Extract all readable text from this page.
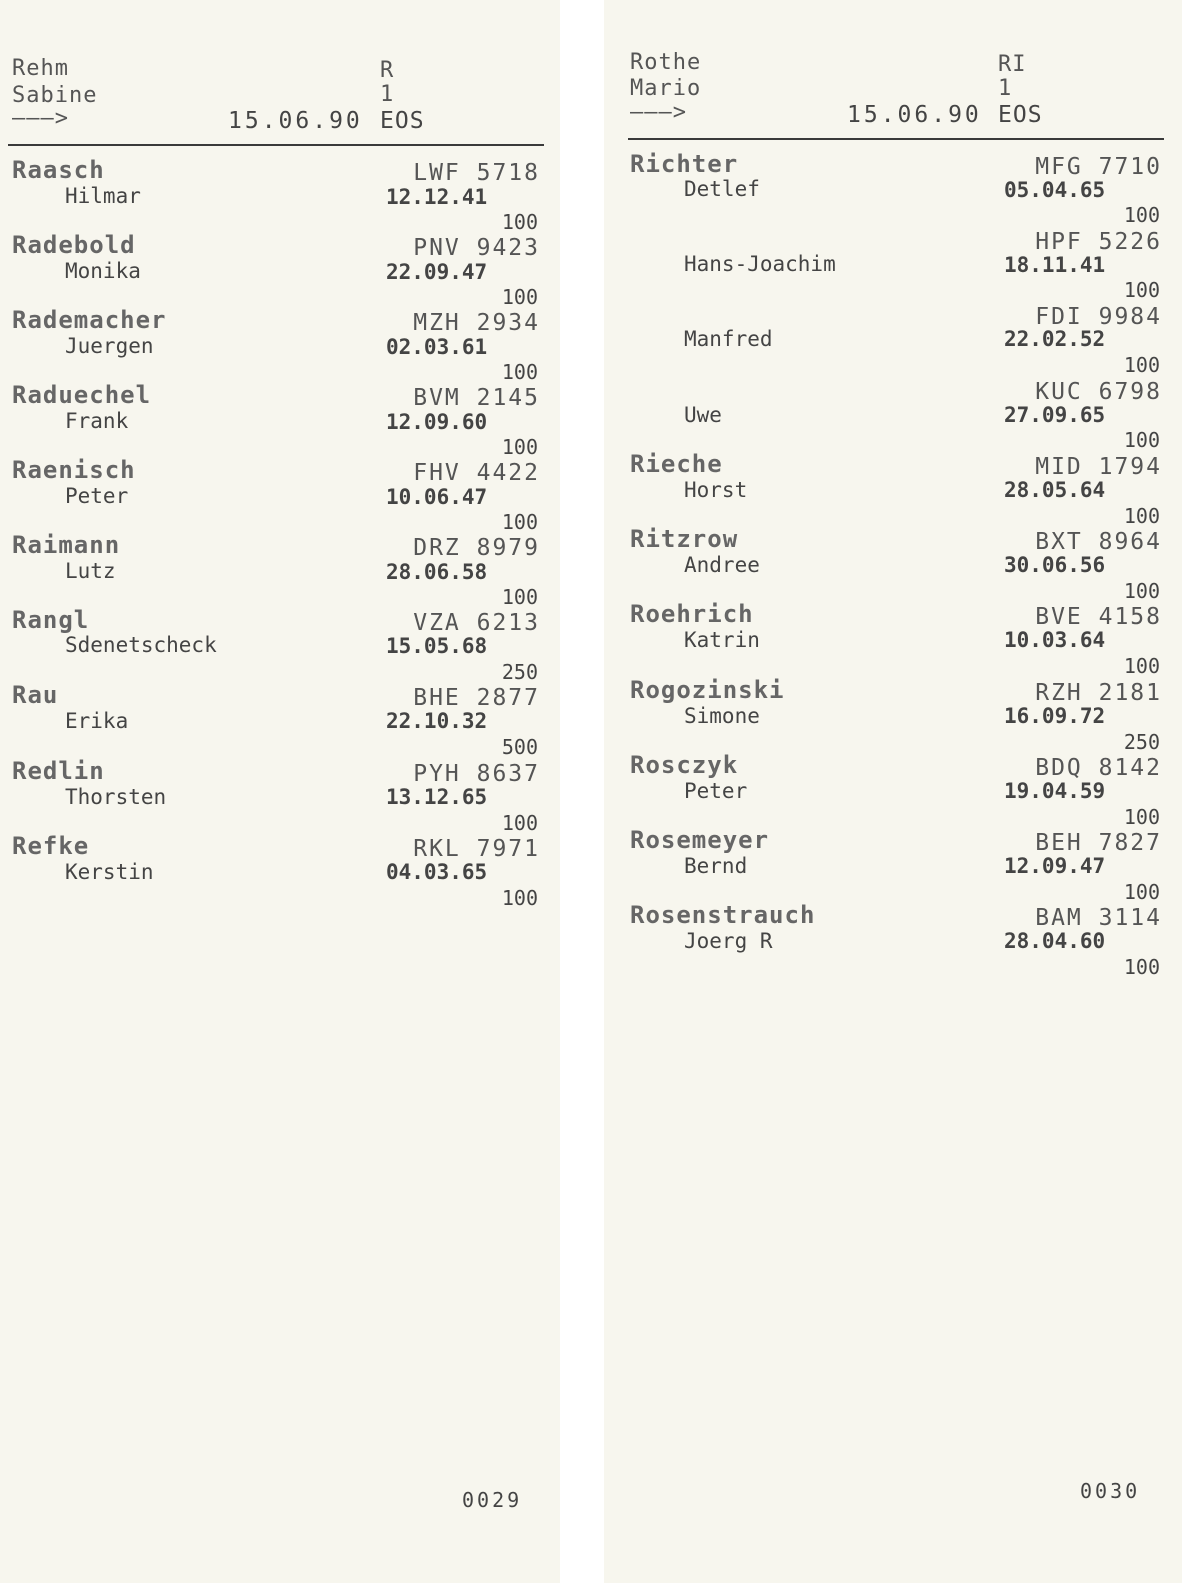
Rehm
Sabine
———>	15.06.90
R
1
EOS
Raasch	LWF 5718
Hilmar	12.12.41
100
Radebold	PNV 9423
Monika	22.09.47
100
Rademacher	MZH 2934
Juergen	02.03.61
100
Raduechel	BVM 2145
Frank	12.09.60
100
Raenisch	FHV 4422
Peter	10.06.47
100
Raimann	DRZ 8979
Lutz	28.06.58
100
Rangl	VZA 6213
Sdenetscheck	15.05.68
250
Rau	BHE 2877
Erika	22.10.32
500
Redlin	PYH 8637
Thorsten	13.12.65
100
Refke	RKL 7971
Kerstin	04.03.65
100
0029
Rothe
Mario
———>	15.06.90
RI
1
EOS
Richter	MFG 7710
Detlef	05.04.65
100
HPF 5226
Hans-Joachim	18.11.41
100
FDI 9984
Manfred	22.02.52
100
KUC 6798
Uwe	27.09.65
100
Rieche	MID 1794
Horst	28.05.64
100
Ritzrow	BXT 8964
Andree	30.06.56
100
Roehrich	BVE 4158
Katrin	10.03.64
100
Rogozinski	RZH 2181
Simone	16.09.72
250
Rosczyk	BDQ 8142
Peter	19.04.59
100
Rosemeyer	BEH 7827
Bernd	12.09.47
100
Rosenstrauch	BAM 3114
Joerg R	28.04.60
100
0030
